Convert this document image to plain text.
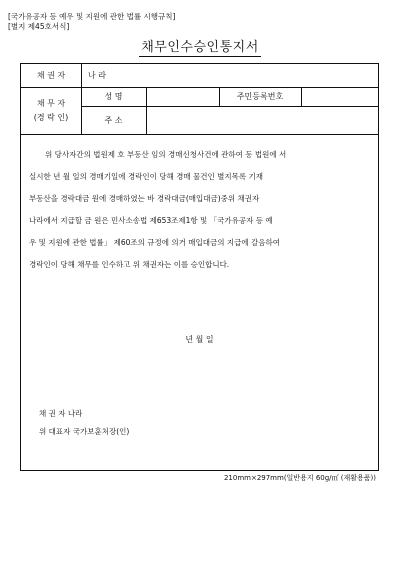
[국가유공자 등 예우 및 지원에 관한 법률 시행규칙]
[별지 제45호서식]
채무인수승인통지서
채 권 자	나 라
채 무 자
(경 락 인)
성 명	주민등록번호
주 소
위 당사자간의 법원제 호 부동산 임의 경매신청사건에 관하여 동 법원에 서
실시한 년 월 일의 경매기일에 경락인이 당해 경매 물건인 별지목록 기재
부동산을 경락대금 원에 경매하였는 바 경락대금(매입대금)중위 채권자
나라에서 지급할 금 원은 민사소송법 제653조제1항 및 「국가유공자 등 예
우 및 지원에 관한 법률」 제60조의 규정에 의거 매입대금의 지급에 갈음하여
경락인이 당해 채무를 인수하고 위 채권자는 이를 승인합니다.
년 월 일
채 권 자 나라
위 대표자 국가보훈처장(인)
210mm×297mm(일반용지 60g/㎡ (재활용품))
